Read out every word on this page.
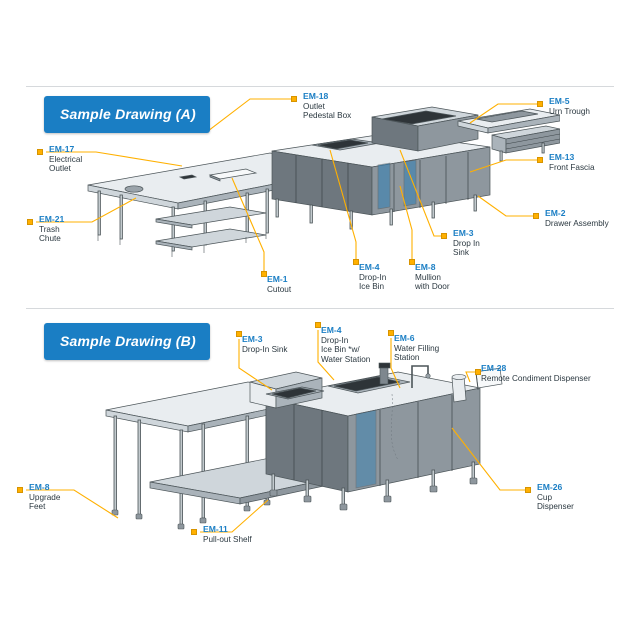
Sample Drawing (A)
EM-18
Outlet
Pedestal Box
EM-5
Urn Trough
EM-17
Electrical
Outlet
EM-13
Front Fascia
EM-21
Trash
Chute
EM-2
Drawer Assembly
EM-3
Drop In
Sink
EM-4
Drop-In
Ice Bin
EM-8
Mullion
with Door
EM-1
Cutout
Sample Drawing (B)	EM-3
Drop-In Sink
EM-4
Drop-In
Ice Bin *w/
Water Station
EM-6
Water Filling
Station
EM-28
Remote Condiment Dispenser
EM-26
Cup
Dispenser
EM-8
Upgrade
Feet
EM-11
Pull-out Shelf
